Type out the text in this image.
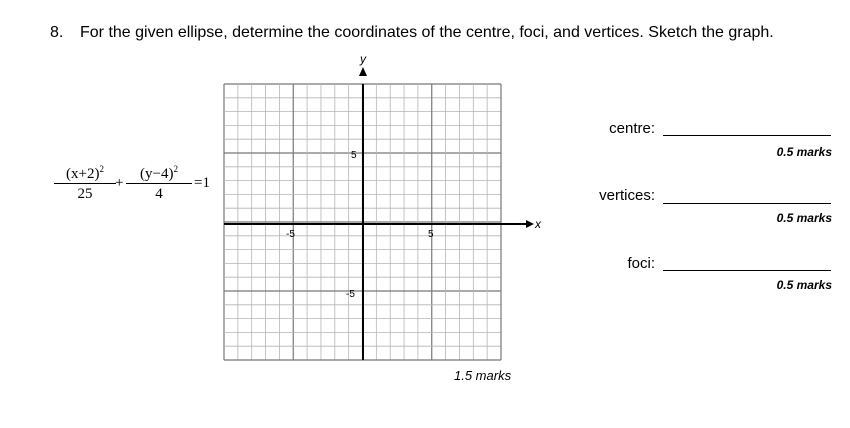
8. For the given ellipse, determine the coordinates of the centre, foci, and vertices. Sketch the graph.
$\frac{(x+2)^2}{25} + \frac{(y-4)^2}{4} =1$
x
y
-5	5
5
-5
1.5 marks
centre:
0.5 marks
vertices:
0.5 marks
foci:
0.5 marks
